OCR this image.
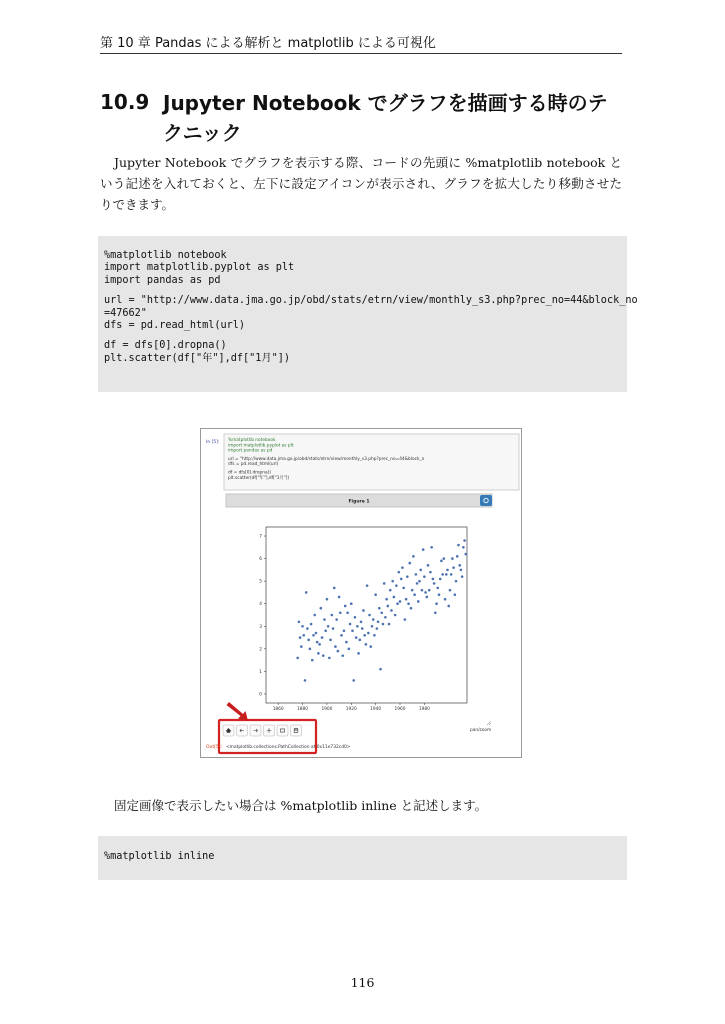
第 10 章 Pandas による解析と matplotlib による可視化
10.9 Jupyter Notebook でグラフを描画する時のテクニック
Jupyter Notebook でグラフを表示する際、コードの先頭に %matplotlib notebook という記述を入れておくと、左下に設定アイコンが表示され、グラフを拡大したり移動させたりできます。
%matplotlib notebook
import matplotlib.pyplot as plt
import pandas as pd
url = "http://www.data.jma.go.jp/obd/stats/etrn/view/monthly_s3.php?prec_no=44&block_no
=47662"
dfs = pd.read_html(url)
df = dfs[0].dropna()
plt.scatter(df["年"],df["1月"])
In [5]: %matplotlib notebook
import matplotlib.pyplot as plt
import pandas as pd
url = "http://www.data.jma.go.jp/obd/stats/etrn/view/monthly_s3.php?prec_no=44&block_n
dfs = pd.read_html(url)
df = dfs[0].dropna()
plt.scatter(df["年"],df["1月"])
Figure 1
1860	1880	1900	1920	1940	1960	1980
0
1
2
3
4
5
6
7
pan/zoom
Out[5]: <matplotlib.collections.PathCollection at 0x11e732cd0>
固定画像で表示したい場合は %matplotlib inline と記述します。
%matplotlib inline
116
